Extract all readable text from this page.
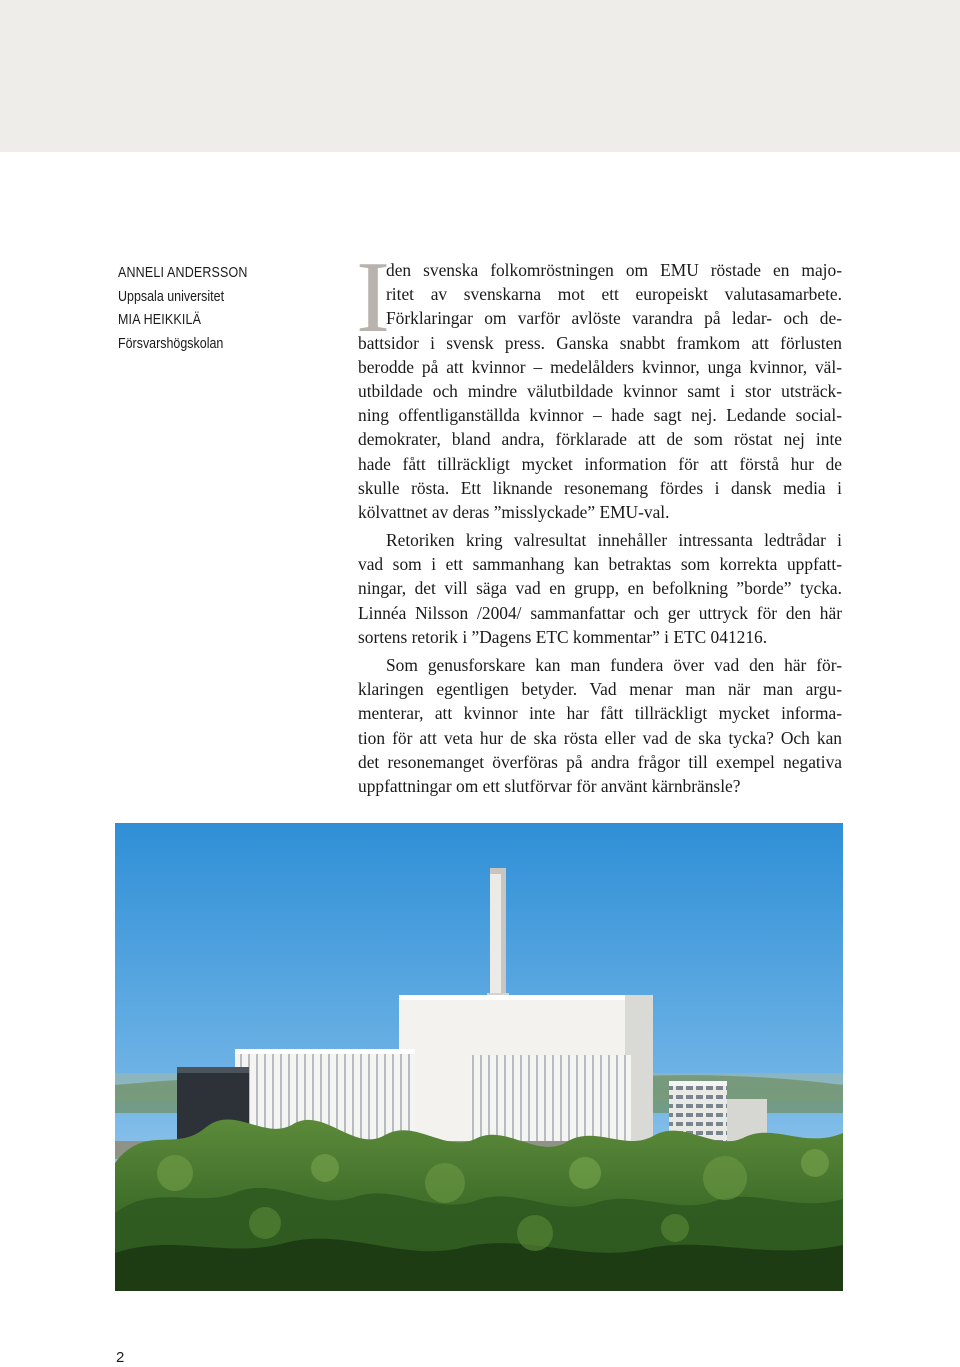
ANNELI ANDERSSON
Uppsala universitet
MIA HEIKKILÄ
Försvarshögskolan	I

den svenska folkomröstningen om EMU röstade en majo-
ritet av svenskarna mot ett europeiskt valutasamarbete.
Förklaringar om varför avlöste varandra på ledar- och de-
battsidor i svensk press. Ganska snabbt framkom att förlusten
berodde på att kvinnor – medelålders kvinnor, unga kvinnor, väl-
utbildade och mindre välutbildade kvinnor samt i stor utsträck-
ning offentliganställda kvinnor – hade sagt nej. Ledande social-
demokrater, bland andra, förklarade att de som röstat nej inte
hade fått tillräckligt mycket information för att förstå hur de
skulle rösta. Ett liknande resonemang fördes i dansk media i
kölvattnet av deras ”misslyckade” EMU-val.

Retoriken kring valresultat innehåller intressanta ledtrådar i
vad som i ett sammanhang kan betraktas som korrekta uppfatt-
ningar, det vill säga vad en grupp, en befolkning ”borde” tycka.
Linnéa Nilsson /2004/ sammanfattar och ger uttryck för den här
sortens retorik i ”Dagens ETC kommentar” i ETC 041216.

Som genusforskare kan man fundera över vad den här för-
klaringen egentligen betyder. Vad menar man när man argu-
menterar, att kvinnor inte har fått tillräckligt mycket informa-
tion för att veta hur de ska rösta eller vad de ska tycka? Och kan
det resonemanget överföras på andra frågor till exempel negativa
uppfattningar om ett slutförvar för använt kärnbränsle?

2
